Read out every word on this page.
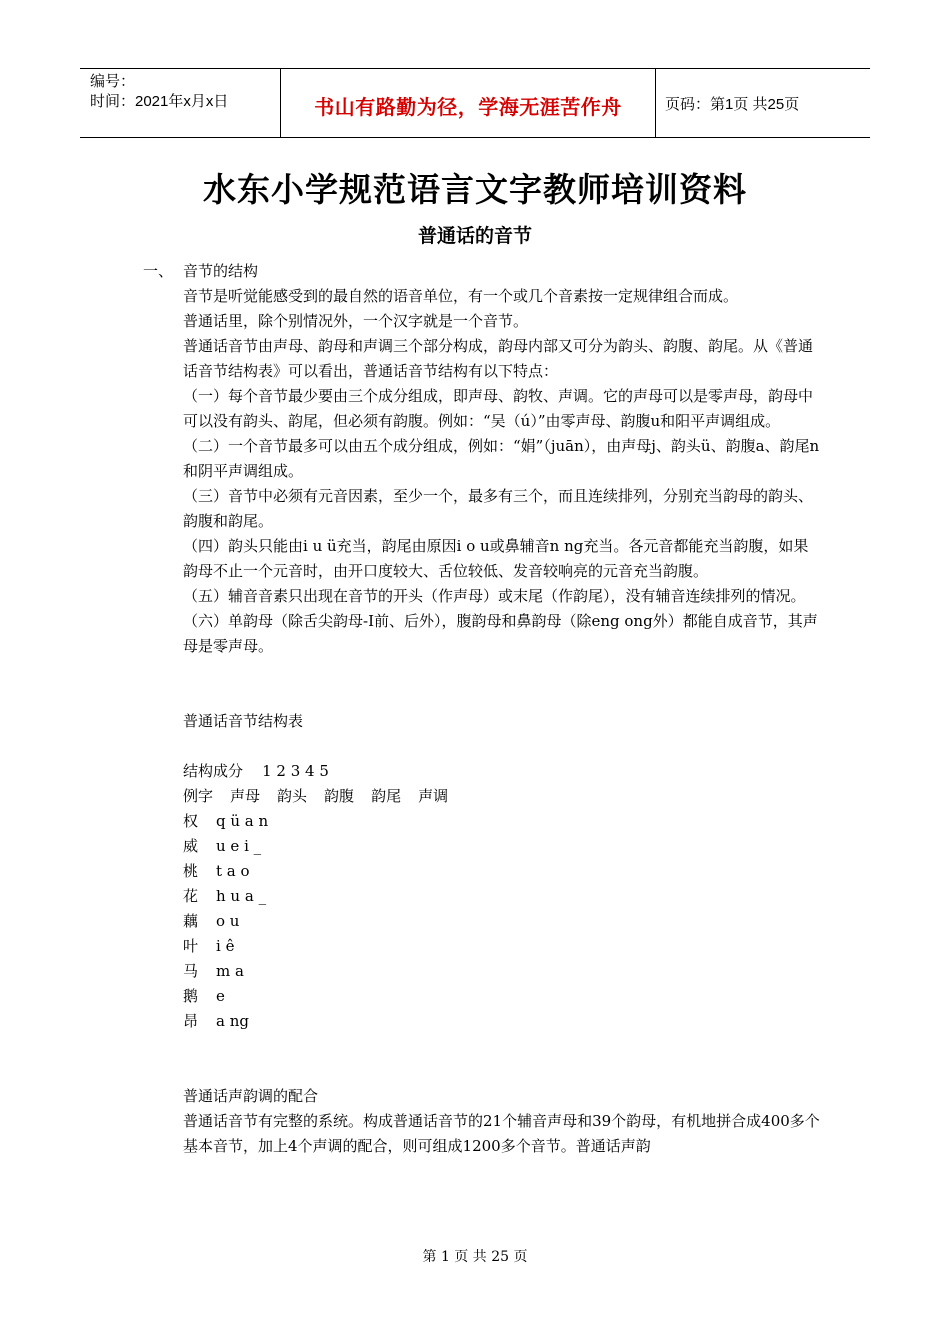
编号：
时间：2021年x月x日	书山有路勤为径，学海无涯苦作舟	页码：第1页 共25页
水东小学规范语言文字教师培训资料
普通话的音节
一、 音节的结构

音节是听觉能感受到的最自然的语音单位，有一个或几个音素按一定规律组合而成。

普通话里，除个别情况外，一个汉字就是一个音节。

普通话音节由声母、韵母和声调三个部分构成，韵母内部又可分为韵头、韵腹、韵尾。从《普通话音节结构表》可以看出，普通话音节结构有以下特点：

（一）每个音节最少要由三个成分组成，即声母、韵牧、声调。它的声母可以是零声母，韵母中可以没有韵头、韵尾，但必须有韵腹。例如：“吴（ú）”由零声母、韵腹u和阳平声调组成。

（二）一个音节最多可以由五个成分组成，例如：“娟”（juān），由声母j、韵头ü、韵腹a、韵尾n和阴平声调组成。

（三）音节中必须有元音因素，至少一个，最多有三个，而且连续排列，分别充当韵母的韵头、韵腹和韵尾。

（四）韵头只能由i u ü充当，韵尾由原因i o u或鼻辅音n ng充当。各元音都能充当韵腹，如果韵母不止一个元音时，由开口度较大、舌位较低、发音较响亮的元音充当韵腹。

（五）辅音音素只出现在音节的开头（作声母）或末尾（作韵尾），没有辅音连续排列的情况。

（六）单韵母（除舌尖韵母-I前、后外），腹韵母和鼻韵母（除eng ong外）都能自成音节，其声母是零声母。

普通话音节结构表

结构成分    1 2 3 4 5

例字 声母 韵头 韵腹 韵尾 声调

权	q ü a n
威	u e i _
桃	t a o
花	h u a _
藕	o u
叶	i ê
马	m a
鹅	e
昂	a ng

普通话声韵调的配合

普通话音节有完整的系统。构成普通话音节的21个辅音声母和39个韵母，有机地拼合成400多个基本音节，加上4个声调的配合，则可组成1200多个音节。普通话声韵

第 1 页 共 25 页
